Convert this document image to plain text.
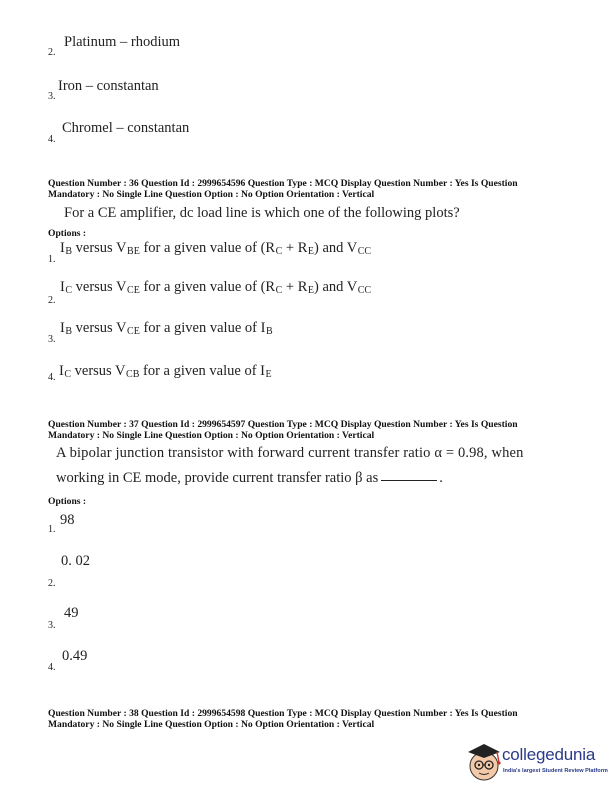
Platinum – rhodium
2.
Iron – constantan
3.
Chromel – constantan
4.
Question Number : 36 Question Id : 2999654596 Question Type : MCQ Display Question Number : Yes Is Question
Mandatory : No Single Line Question Option : No Option Orientation : Vertical
For a CE amplifier, dc load line is which one of the following plots?
Options :
$I_B$ versus $V_{BE}$ for a given value of $(R_C + R_E)$ and $V_{CC}$
1.
$I_C$ versus $V_{CE}$ for a given value of $(R_C + R_E)$ and $V_{CC}$
2.
$I_B$ versus $V_{CE}$ for a given value of $I_B$
3.
4. $I_C$ versus $V_{CB}$ for a given value of $I_E$
Question Number : 37 Question Id : 2999654597 Question Type : MCQ Display Question Number : Yes Is Question
Mandatory : No Single Line Question Option : No Option Orientation : Vertical
A bipolar junction transistor with forward current transfer ratio α = 0.98, when
working in CE mode, provide current transfer ratio β as	.
Options :
98
1.
0. 02
2.
49
3.
0.49
4.
Question Number : 38 Question Id : 2999654598 Question Type : MCQ Display Question Number : Yes Is Question
Mandatory : No Single Line Question Option : No Option Orientation : Vertical
collegedunia
India's largest Student Review Platform
